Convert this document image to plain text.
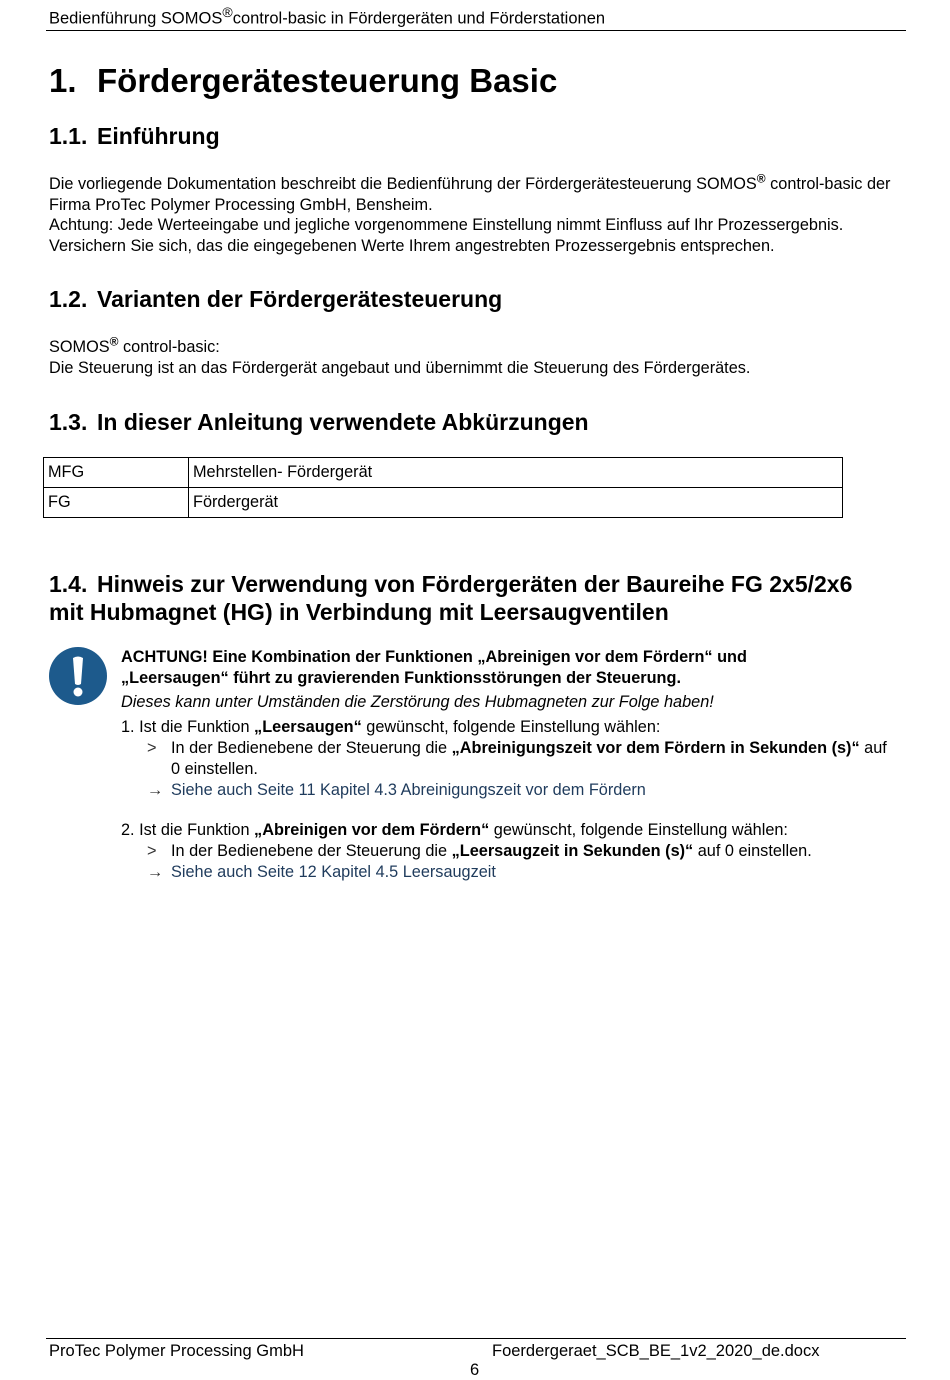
Bedienführung SOMOS®control-basic in Fördergeräten und Förderstationen
1. Fördergerätesteuerung Basic
1.1. Einführung
Die vorliegende Dokumentation beschreibt die Bedienführung der Fördergerätesteuerung SOMOS® control-basic der Firma ProTec Polymer Processing GmbH, Bensheim.
Achtung: Jede Werteeingabe und jegliche vorgenommene Einstellung nimmt Einfluss auf Ihr Prozessergebnis. Versichern Sie sich, das die eingegebenen Werte Ihrem angestrebten Prozessergebnis entsprechen.
1.2. Varianten der Fördergerätesteuerung
SOMOS® control-basic:
Die Steuerung ist an das Fördergerät angebaut und übernimmt die Steuerung des Fördergerätes.
1.3. In dieser Anleitung verwendete Abkürzungen
MFG	Mehrstellen- Fördergerät
FG	Fördergerät
1.4. Hinweis zur Verwendung von Fördergeräten der Baureihe FG 2x5/2x6
mit Hubmagnet (HG) in Verbindung mit Leersaugventilen
ACHTUNG! Eine Kombination der Funktionen „Abreinigen vor dem Fördern“ und
„Leersaugen“ führt zu gravierenden Funktionsstörungen der Steuerung.
Dieses kann unter Umständen die Zerstörung des Hubmagneten zur Folge haben!
1. Ist die Funktion „Leersaugen“ gewünscht, folgende Einstellung wählen:
> In der Bedienebene der Steuerung die „Abreinigungszeit vor dem Fördern in Sekunden (s)“ auf 0 einstellen.
→ Siehe auch Seite 11 Kapitel 4.3 Abreinigungszeit vor dem Fördern
2. Ist die Funktion „Abreinigen vor dem Fördern“ gewünscht, folgende Einstellung wählen:
> In der Bedienebene der Steuerung die „Leersaugzeit in Sekunden (s)“ auf 0 einstellen.
→ Siehe auch Seite 12 Kapitel 4.5 Leersaugzeit
ProTec Polymer Processing GmbH	Foerdergeraet_SCB_BE_1v2_2020_de.docx
6
